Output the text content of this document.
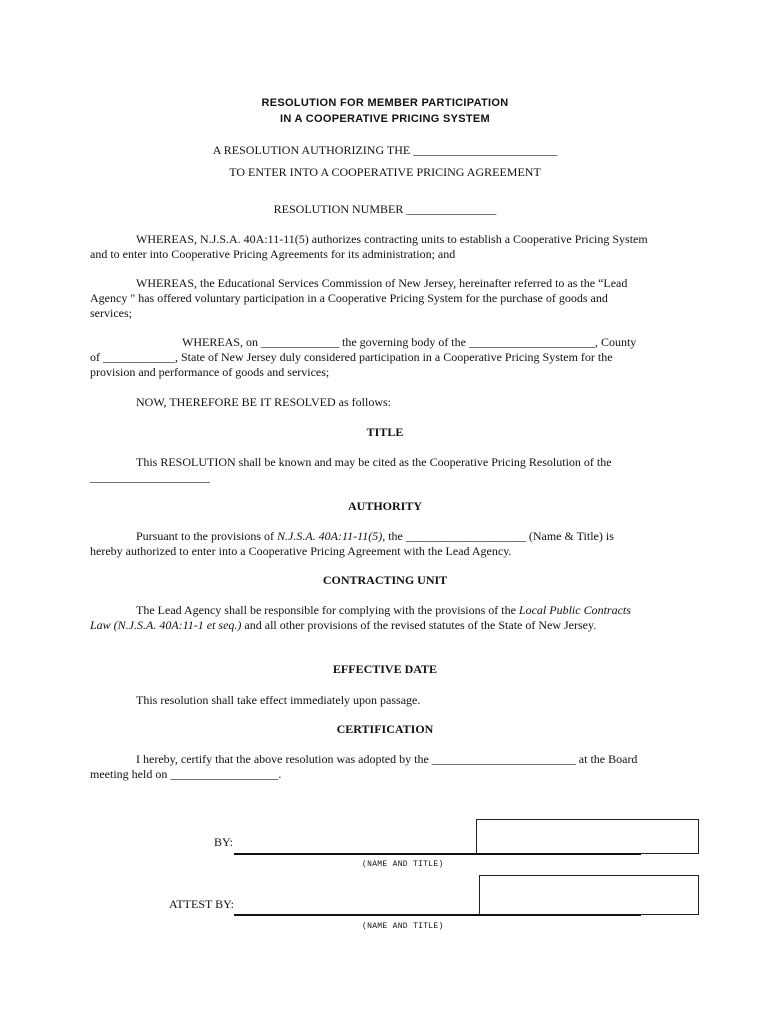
RESOLUTION FOR MEMBER PARTICIPATION
IN A COOPERATIVE PRICING SYSTEM
A RESOLUTION AUTHORIZING THE ________________________
TO ENTER INTO A COOPERATIVE PRICING AGREEMENT
RESOLUTION NUMBER _______________

WHEREAS, N.J.S.A. 40A:11-11(5) authorizes contracting units to establish a Cooperative Pricing System

and to enter into Cooperative Pricing Agreements for its administration; and

WHEREAS, the Educational Services Commission of New Jersey, hereinafter referred to as the “Lead

Agency " has offered voluntary participation in a Cooperative Pricing System for the purchase of goods and

services;

WHEREAS, on _____________ the governing body of the _____________________, County

of ____________, State of New Jersey duly considered participation in a Cooperative Pricing System for the

provision and performance of goods and services;

NOW, THEREFORE BE IT RESOLVED as follows:

TITLE

This RESOLUTION shall be known and may be cited as the Cooperative Pricing Resolution of the

____________________

AUTHORITY

Pursuant to the provisions of N.J.S.A. 40A:11-11(5), the ____________________ (Name & Title) is

hereby authorized to enter into a Cooperative Pricing Agreement with the Lead Agency.

CONTRACTING UNIT

The Lead Agency shall be responsible for complying with the provisions of the Local Public Contracts

Law (N.J.S.A. 40A:11-1 et seq.) and all other provisions of the revised statutes of the State of New Jersey.

EFFECTIVE DATE

This resolution shall take effect immediately upon passage.

CERTIFICATION

I hereby, certify that the above resolution was adopted by the ________________________ at the Board

meeting held on __________________.

BY:
(NAME AND TITLE)
ATTEST BY:
(NAME AND TITLE)
